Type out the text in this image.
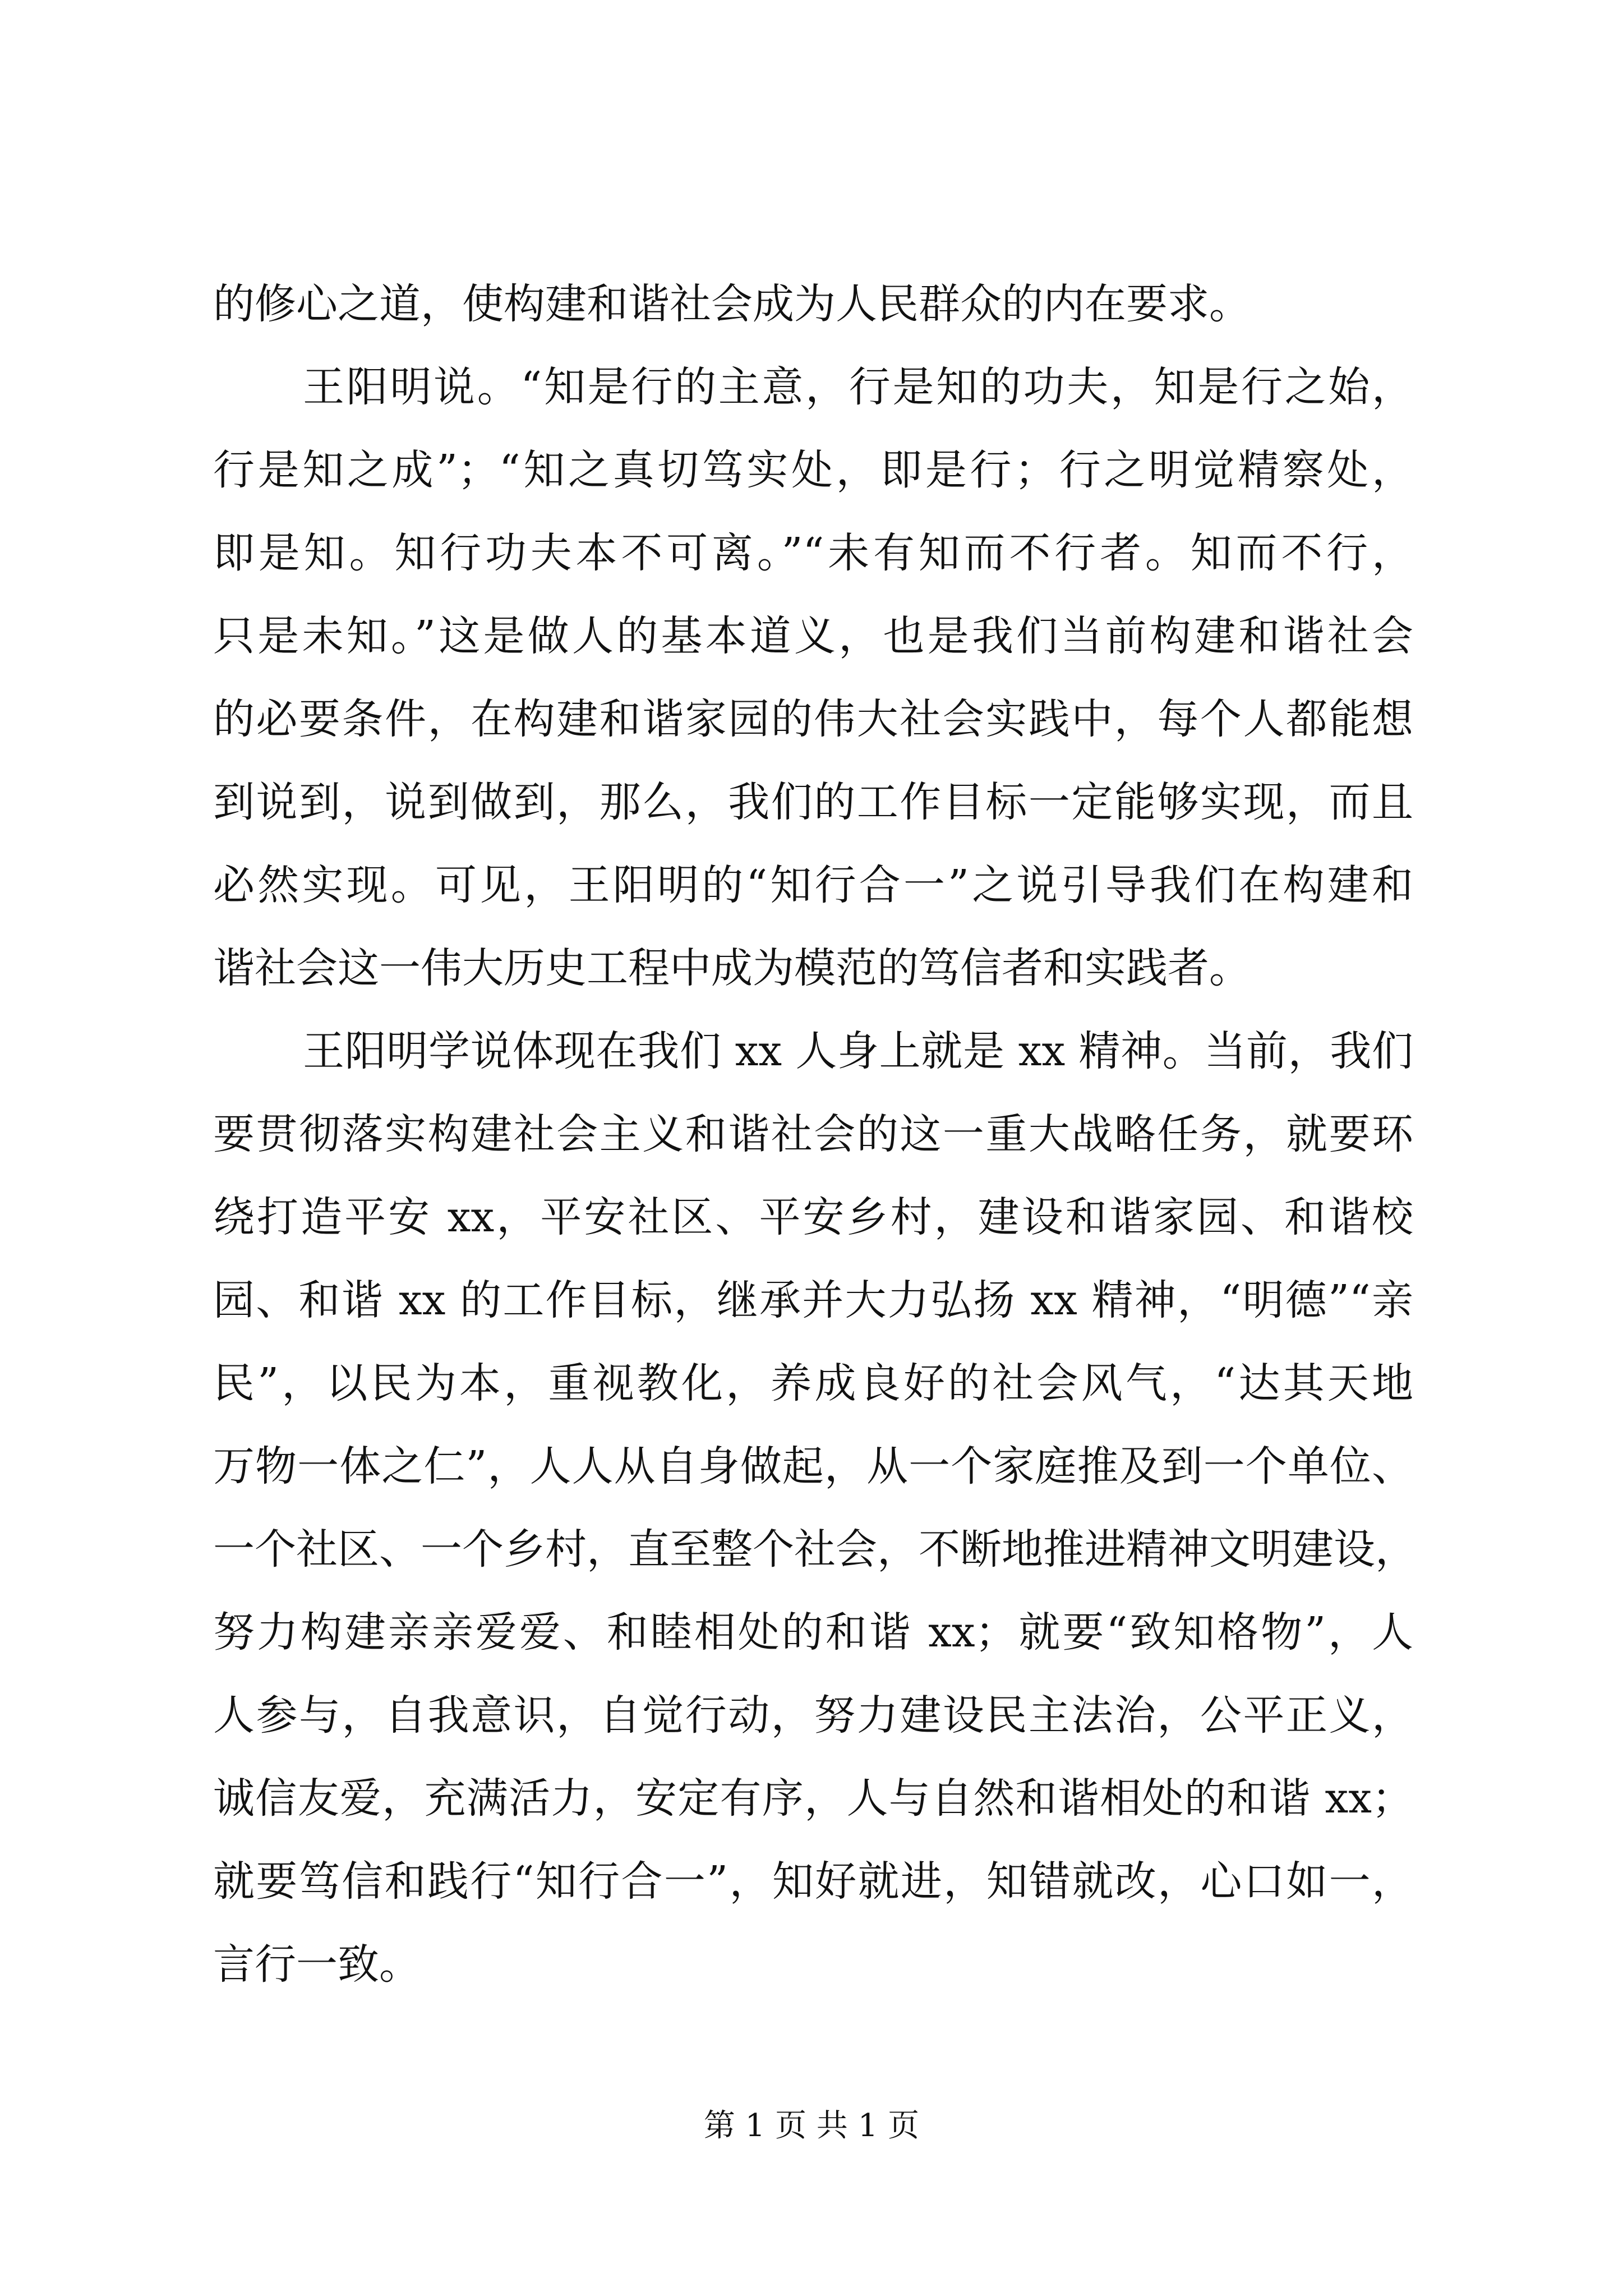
的修心之道，使构建和谐社会成为人民群众的内在要求。
王阳明说。“知是行的主意，行是知的功夫，知是行之始，
行是知之成”；“知之真切笃实处，即是行；行之明觉精察处，
即是知。知行功夫本不可离。”“未有知而不行者。知而不行，
只是未知。”这是做人的基本道义，也是我们当前构建和谐社会
的必要条件，在构建和谐家园的伟大社会实践中，每个人都能想
到说到，说到做到，那么，我们的工作目标一定能够实现，而且
必然实现。可见，王阳明的“知行合一”之说引导我们在构建和
谐社会这一伟大历史工程中成为模范的笃信者和实践者。
王阳明学说体现在我们 xx 人身上就是 xx 精神。当前，我们
要贯彻落实构建社会主义和谐社会的这一重大战略任务，就要环
绕打造平安 xx，平安社区、平安乡村，建设和谐家园、和谐校
园、和谐 xx 的工作目标，继承并大力弘扬 xx 精神，“明德”“亲
民”，以民为本，重视教化，养成良好的社会风气，“达其天地
万物一体之仁”，人人从自身做起，从一个家庭推及到一个单位、
一个社区、一个乡村，直至整个社会，不断地推进精神文明建设，
努力构建亲亲爱爱、和睦相处的和谐 xx；就要“致知格物”，人
人参与，自我意识，自觉行动，努力建设民主法治，公平正义，
诚信友爱，充满活力，安定有序，人与自然和谐相处的和谐 xx；
就要笃信和践行“知行合一”，知好就进，知错就改，心口如一，
言行一致。
第 1 页 共 1 页
